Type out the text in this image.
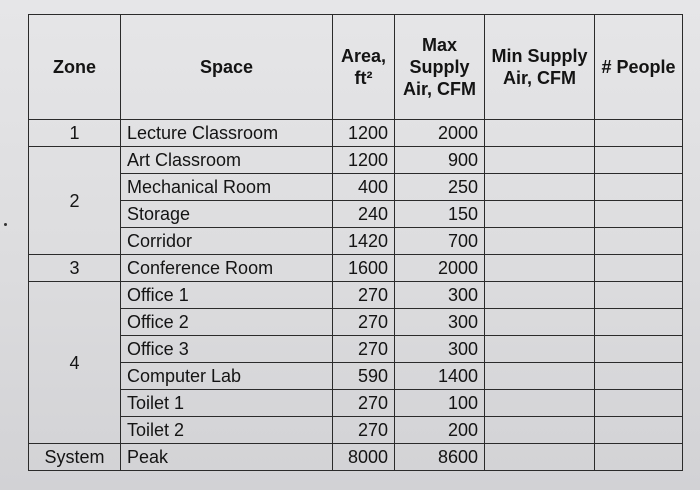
Zone	Space	Area, ft²	Max Supply Air, CFM	Min Supply Air, CFM	# People
1	Lecture Classroom	1200	2000		
2	Art Classroom	1200	900		
	Mechanical Room	400	250		
	Storage	240	150		
	Corridor	1420	700		
3	Conference Room	1600	2000		
4	Office 1	270	300		
	Office 2	270	300		
	Office 3	270	300		
	Computer Lab	590	1400		
	Toilet 1	270	100		
	Toilet 2	270	200		
System	Peak	8000	8600		
